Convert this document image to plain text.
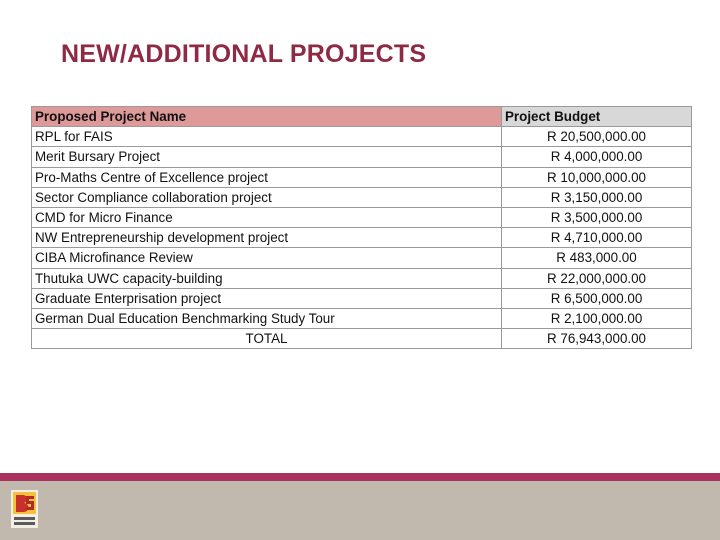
NEW/ADDITIONAL PROJECTS
Proposed Project Name	Project Budget
RPL for FAIS	R 20,500,000.00
Merit Bursary Project	R 4,000,000.00
Pro-Maths Centre of Excellence project	R 10,000,000.00
Sector Compliance collaboration project	R 3,150,000.00
CMD for Micro Finance	R 3,500,000.00
NW Entrepreneurship development project	R 4,710,000.00
CIBA Microfinance Review	R 483,000.00
Thutuka UWC capacity-building	R 22,000,000.00
Graduate Enterprisation project	R 6,500,000.00
German Dual Education Benchmarking Study Tour	R 2,100,000.00
TOTAL	R 76,943,000.00
